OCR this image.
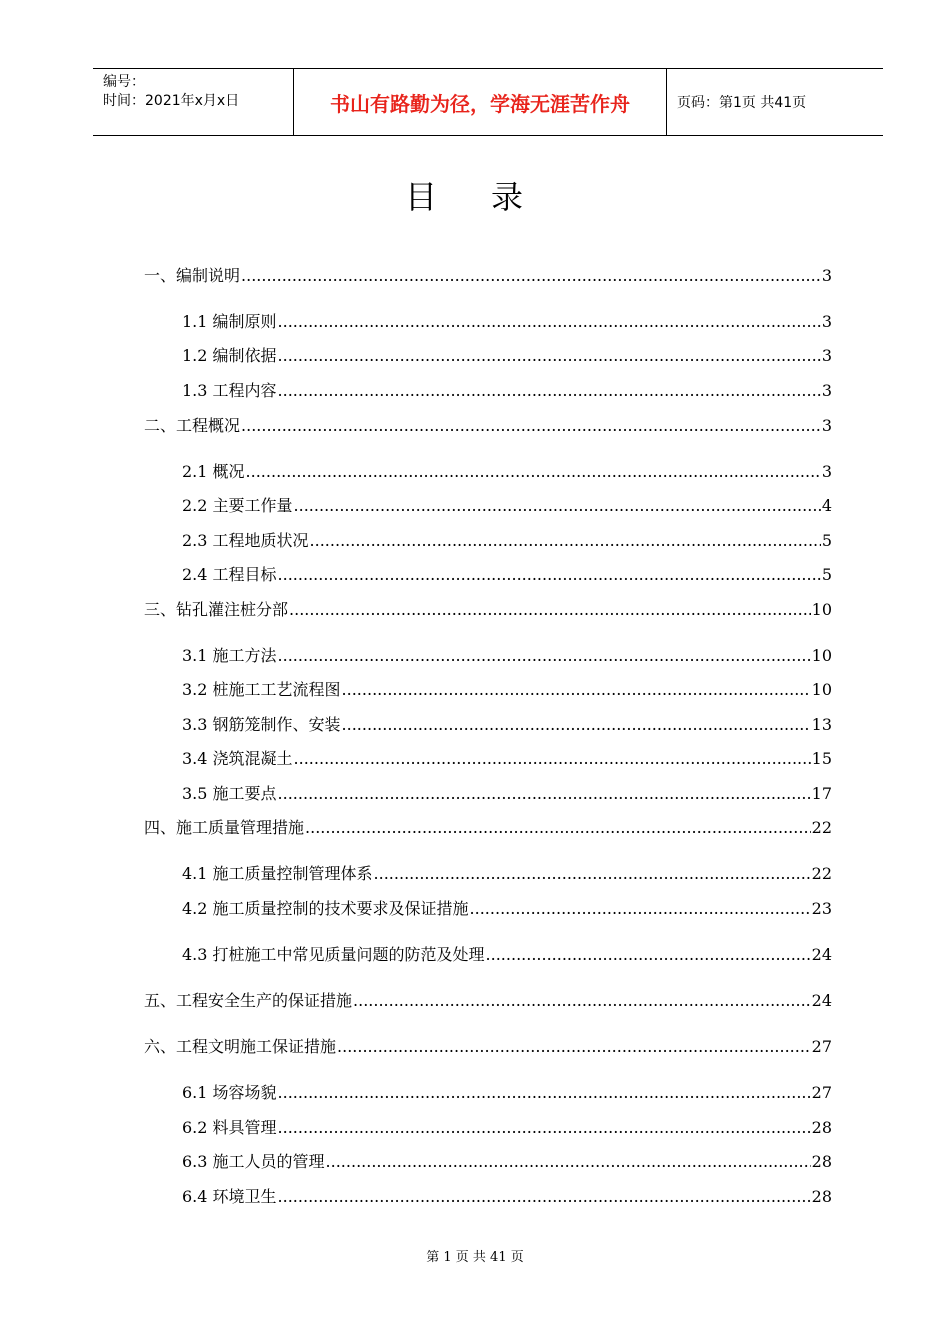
编号：
时间：2021年x月x日	书山有路勤为径，学海无涯苦作舟	页码：第1页 共41页
目录
一、编制说明 .....	3
1.1 编制原则 .....	3
1.2 编制依据 .....	3
1.3 工程内容 .....	3
二、工程概况 .....	3
2.1 概况 .....	3
2.2 主要工作量 .....	4
2.3 工程地质状况 .....	5
2.4 工程目标 .....	5
三、钻孔灌注桩分部 .....	10
3.1 施工方法 .....	10
3.2 桩施工工艺流程图 .....	10
3.3 钢筋笼制作、安装 .....	13
3.4 浇筑混凝土 .....	15
3.5 施工要点 .....	17
四、施工质量管理措施 .....	22
4.1 施工质量控制管理体系 .....	22
4.2 施工质量控制的技术要求及保证措施 .....	23
4.3 打桩施工中常见质量问题的防范及处理 .....	24
五、工程安全生产的保证措施 .....	24
六、工程文明施工保证措施 .....	27
6.1 场容场貌 .....	27
6.2 料具管理 .....	28
6.3 施工人员的管理 .....	28
6.4 环境卫生 .....	28
第 1 页 共 41 页
